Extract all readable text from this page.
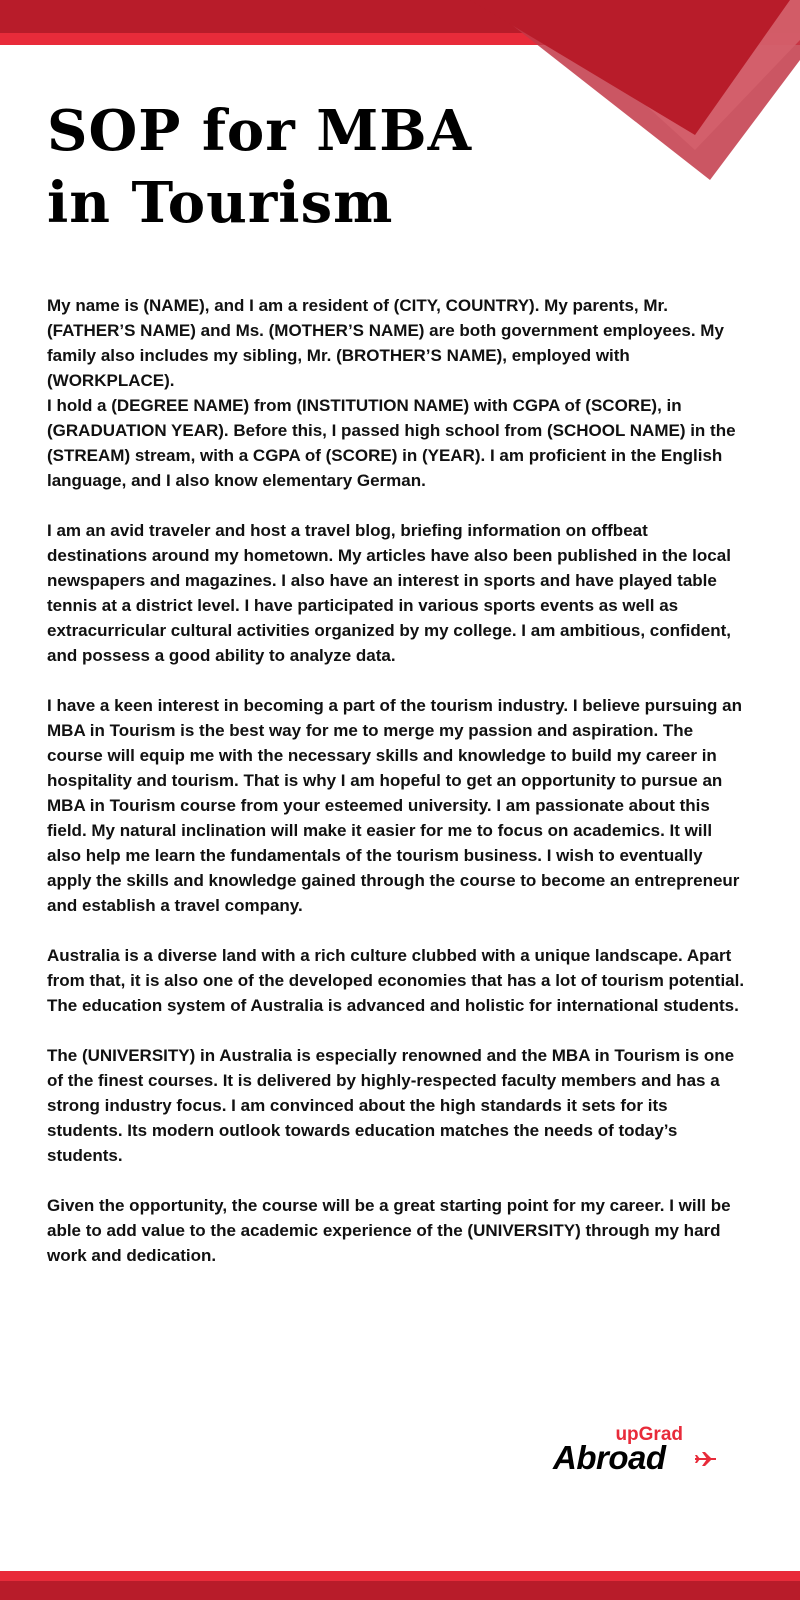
SOP for MBA
in Tourism

My name is (NAME), and I am a resident of (CITY, COUNTRY). My parents, Mr. (FATHER’S NAME) and Ms. (MOTHER’S NAME) are both government employees. My family also includes my sibling, Mr. (BROTHER’S NAME), employed with (WORKPLACE).

I hold a (DEGREE NAME) from (INSTITUTION NAME) with CGPA of (SCORE), in (GRADUATION YEAR). Before this, I passed high school from (SCHOOL NAME) in the (STREAM) stream, with a CGPA of (SCORE) in (YEAR). I am proficient in the English language, and I also know elementary German.

I am an avid traveler and host a travel blog, briefing information on offbeat destinations around my hometown. My articles have also been published in the local newspapers and magazines. I also have an interest in sports and have played table tennis at a district level. I have participated in various sports events as well as extracurricular cultural activities organized by my college. I am ambitious, confident, and possess a good ability to analyze data.

I have a keen interest in becoming a part of the tourism industry. I believe pursuing an MBA in Tourism is the best way for me to merge my passion and aspiration. The course will equip me with the necessary skills and knowledge to build my career in hospitality and tourism. That is why I am hopeful to get an opportunity to pursue an MBA in Tourism course from your esteemed university. I am passionate about this field. My natural inclination will make it easier for me to focus on academics. It will also help me learn the fundamentals of the tourism business. I wish to eventually apply the skills and knowledge gained through the course to become an entrepreneur and establish a travel company.

Australia is a diverse land with a rich culture clubbed with a unique landscape. Apart from that, it is also one of the developed economies that has a lot of tourism potential. The education system of Australia is advanced and holistic for international students.

The (UNIVERSITY) in Australia is especially renowned and the MBA in Tourism is one of the finest courses. It is delivered by highly-respected faculty members and has a strong industry focus. I am convinced about the high standards it sets for its students. Its modern outlook towards education matches the needs of today’s students.

Given the opportunity, the course will be a great starting point for my career. I will be able to add value to the academic experience of the (UNIVERSITY) through my hard work and dedication.

upGrad
Abroad
